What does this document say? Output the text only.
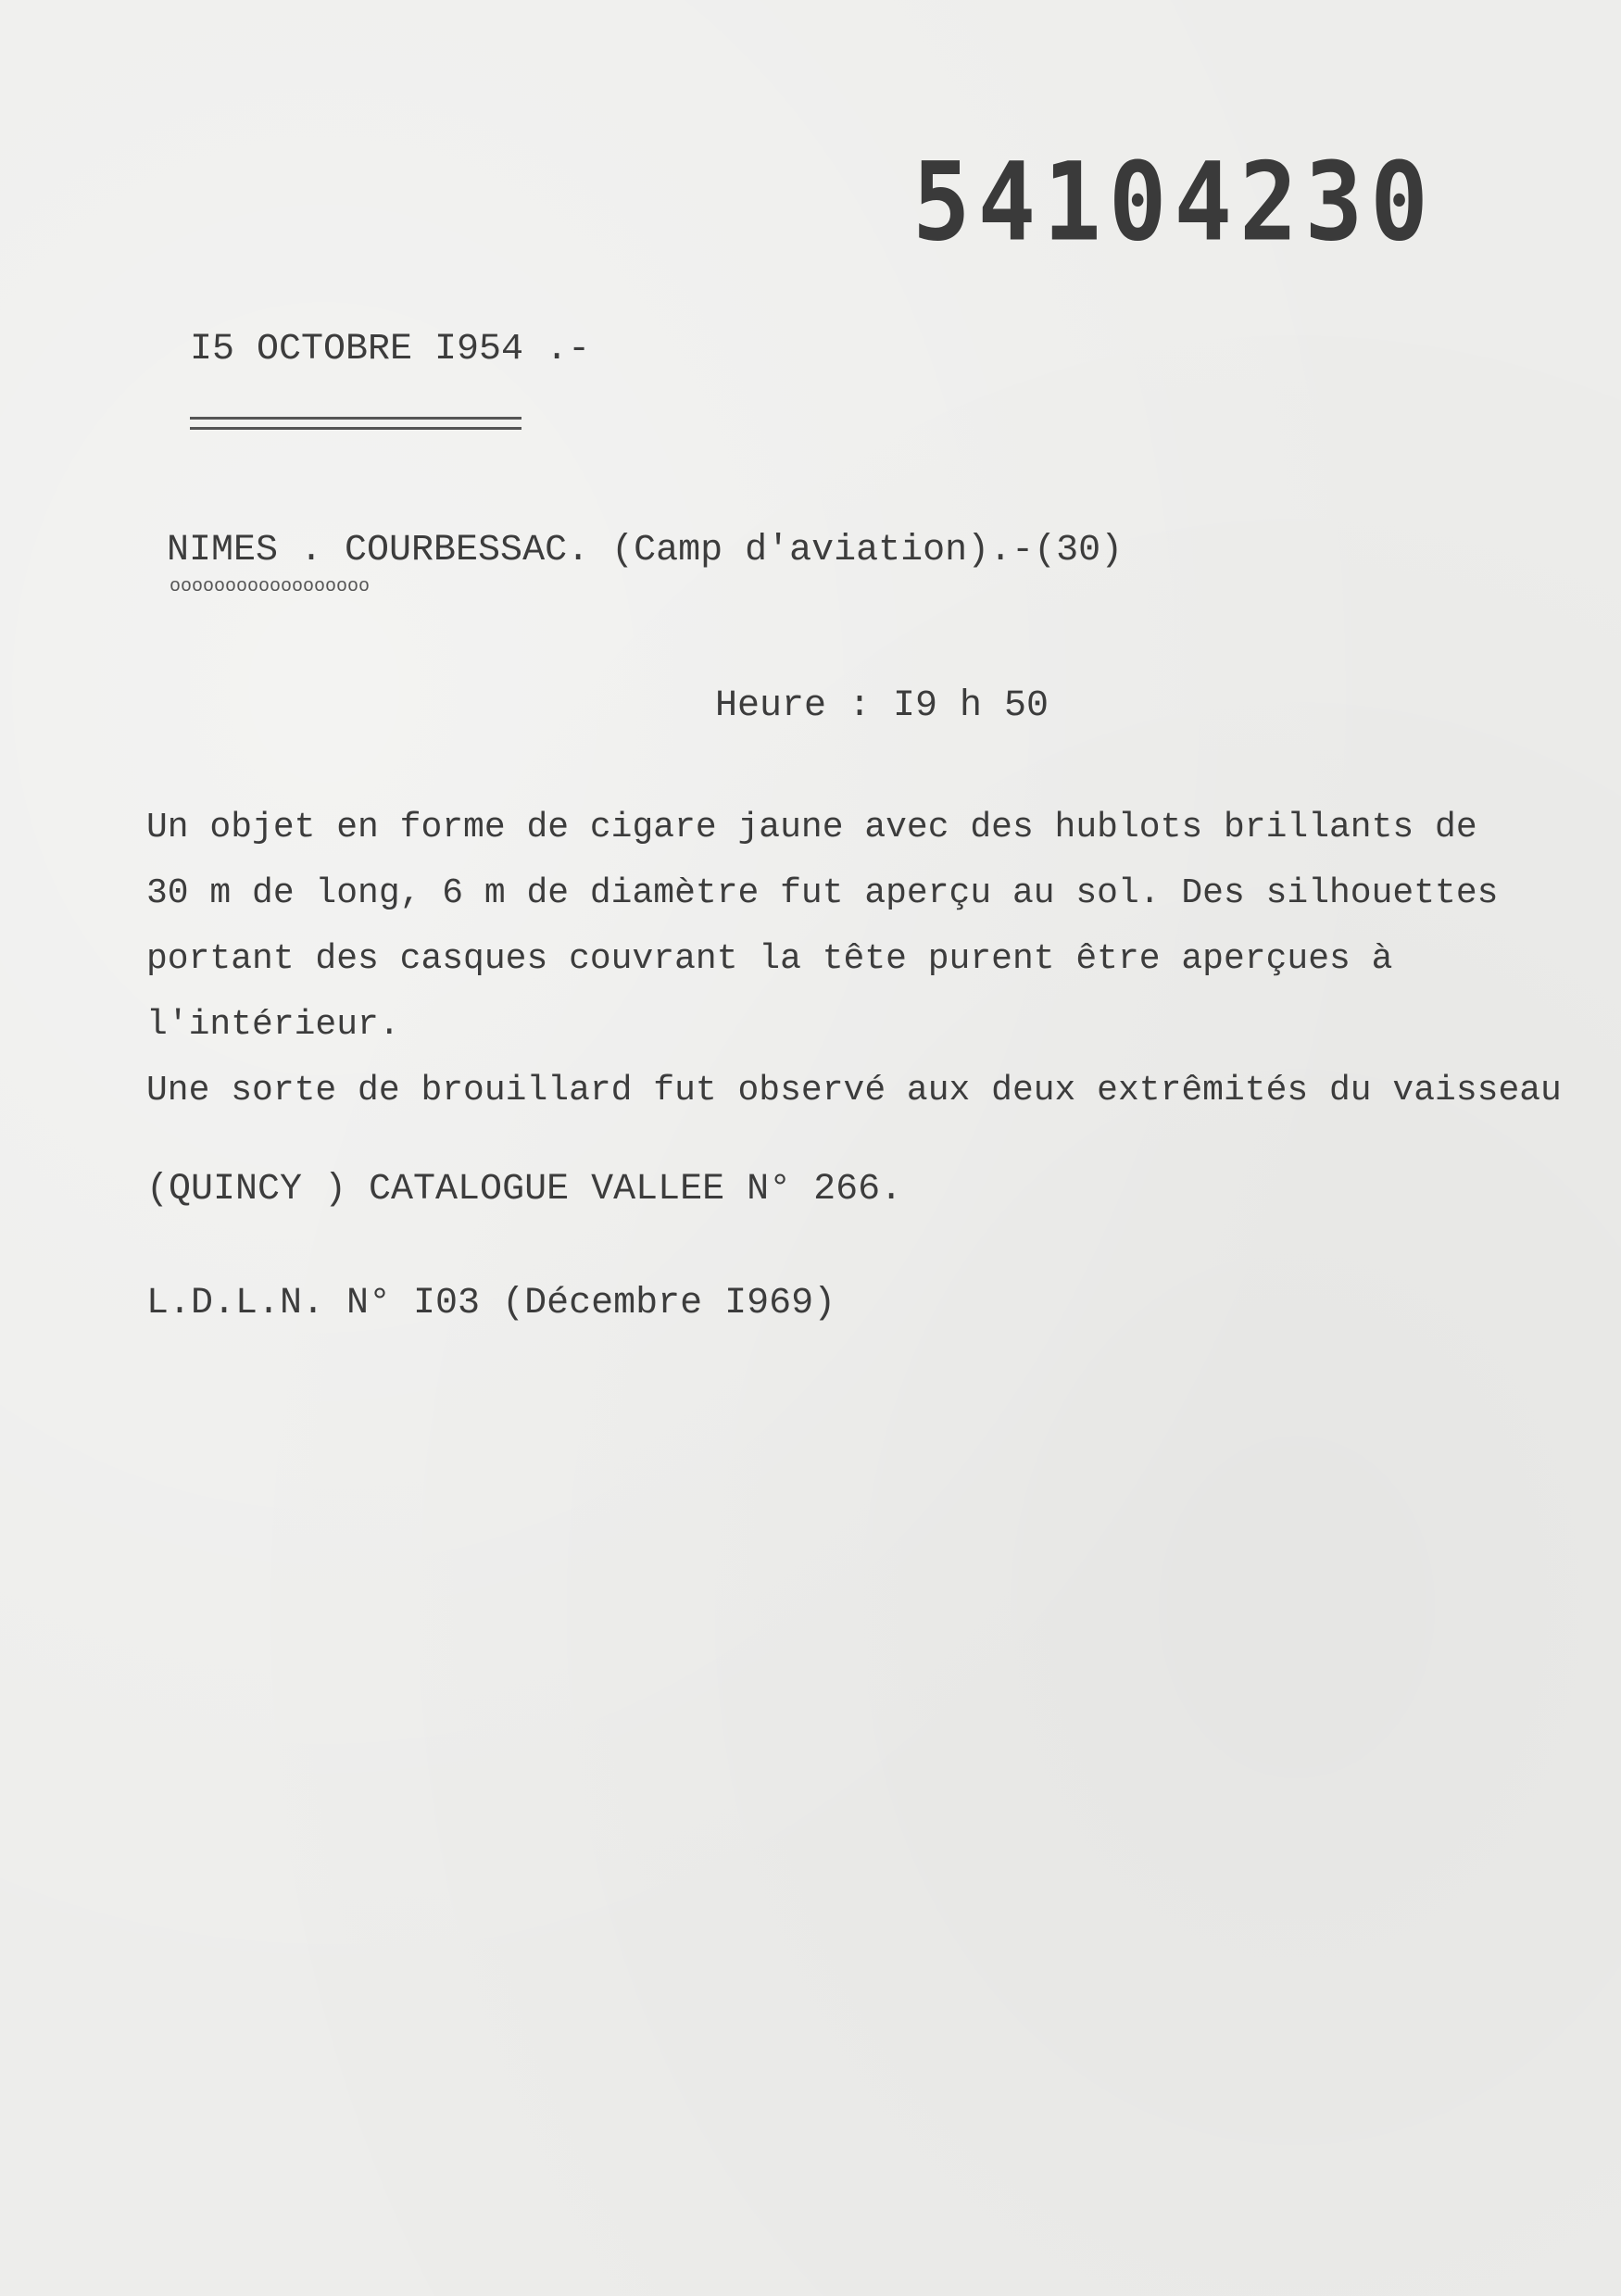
54104230
I5 OCTOBRE I954 .-
NIMES . COURBESSAC. (Camp d'aviation).-(30)
oooooooooooooooooo
Heure : I9 h 50
Un objet en forme de cigare jaune avec des hublots brillants de
30 m de long, 6 m de diamètre fut aperçu au sol. Des silhouettes
portant des casques couvrant la tête purent être aperçues à
l'intérieur.
Une sorte de brouillard fut observé aux deux extrêmités du vaisseau
(QUINCY ) CATALOGUE VALLEE N° 266.
L.D.L.N. N° I03 (Décembre I969)
